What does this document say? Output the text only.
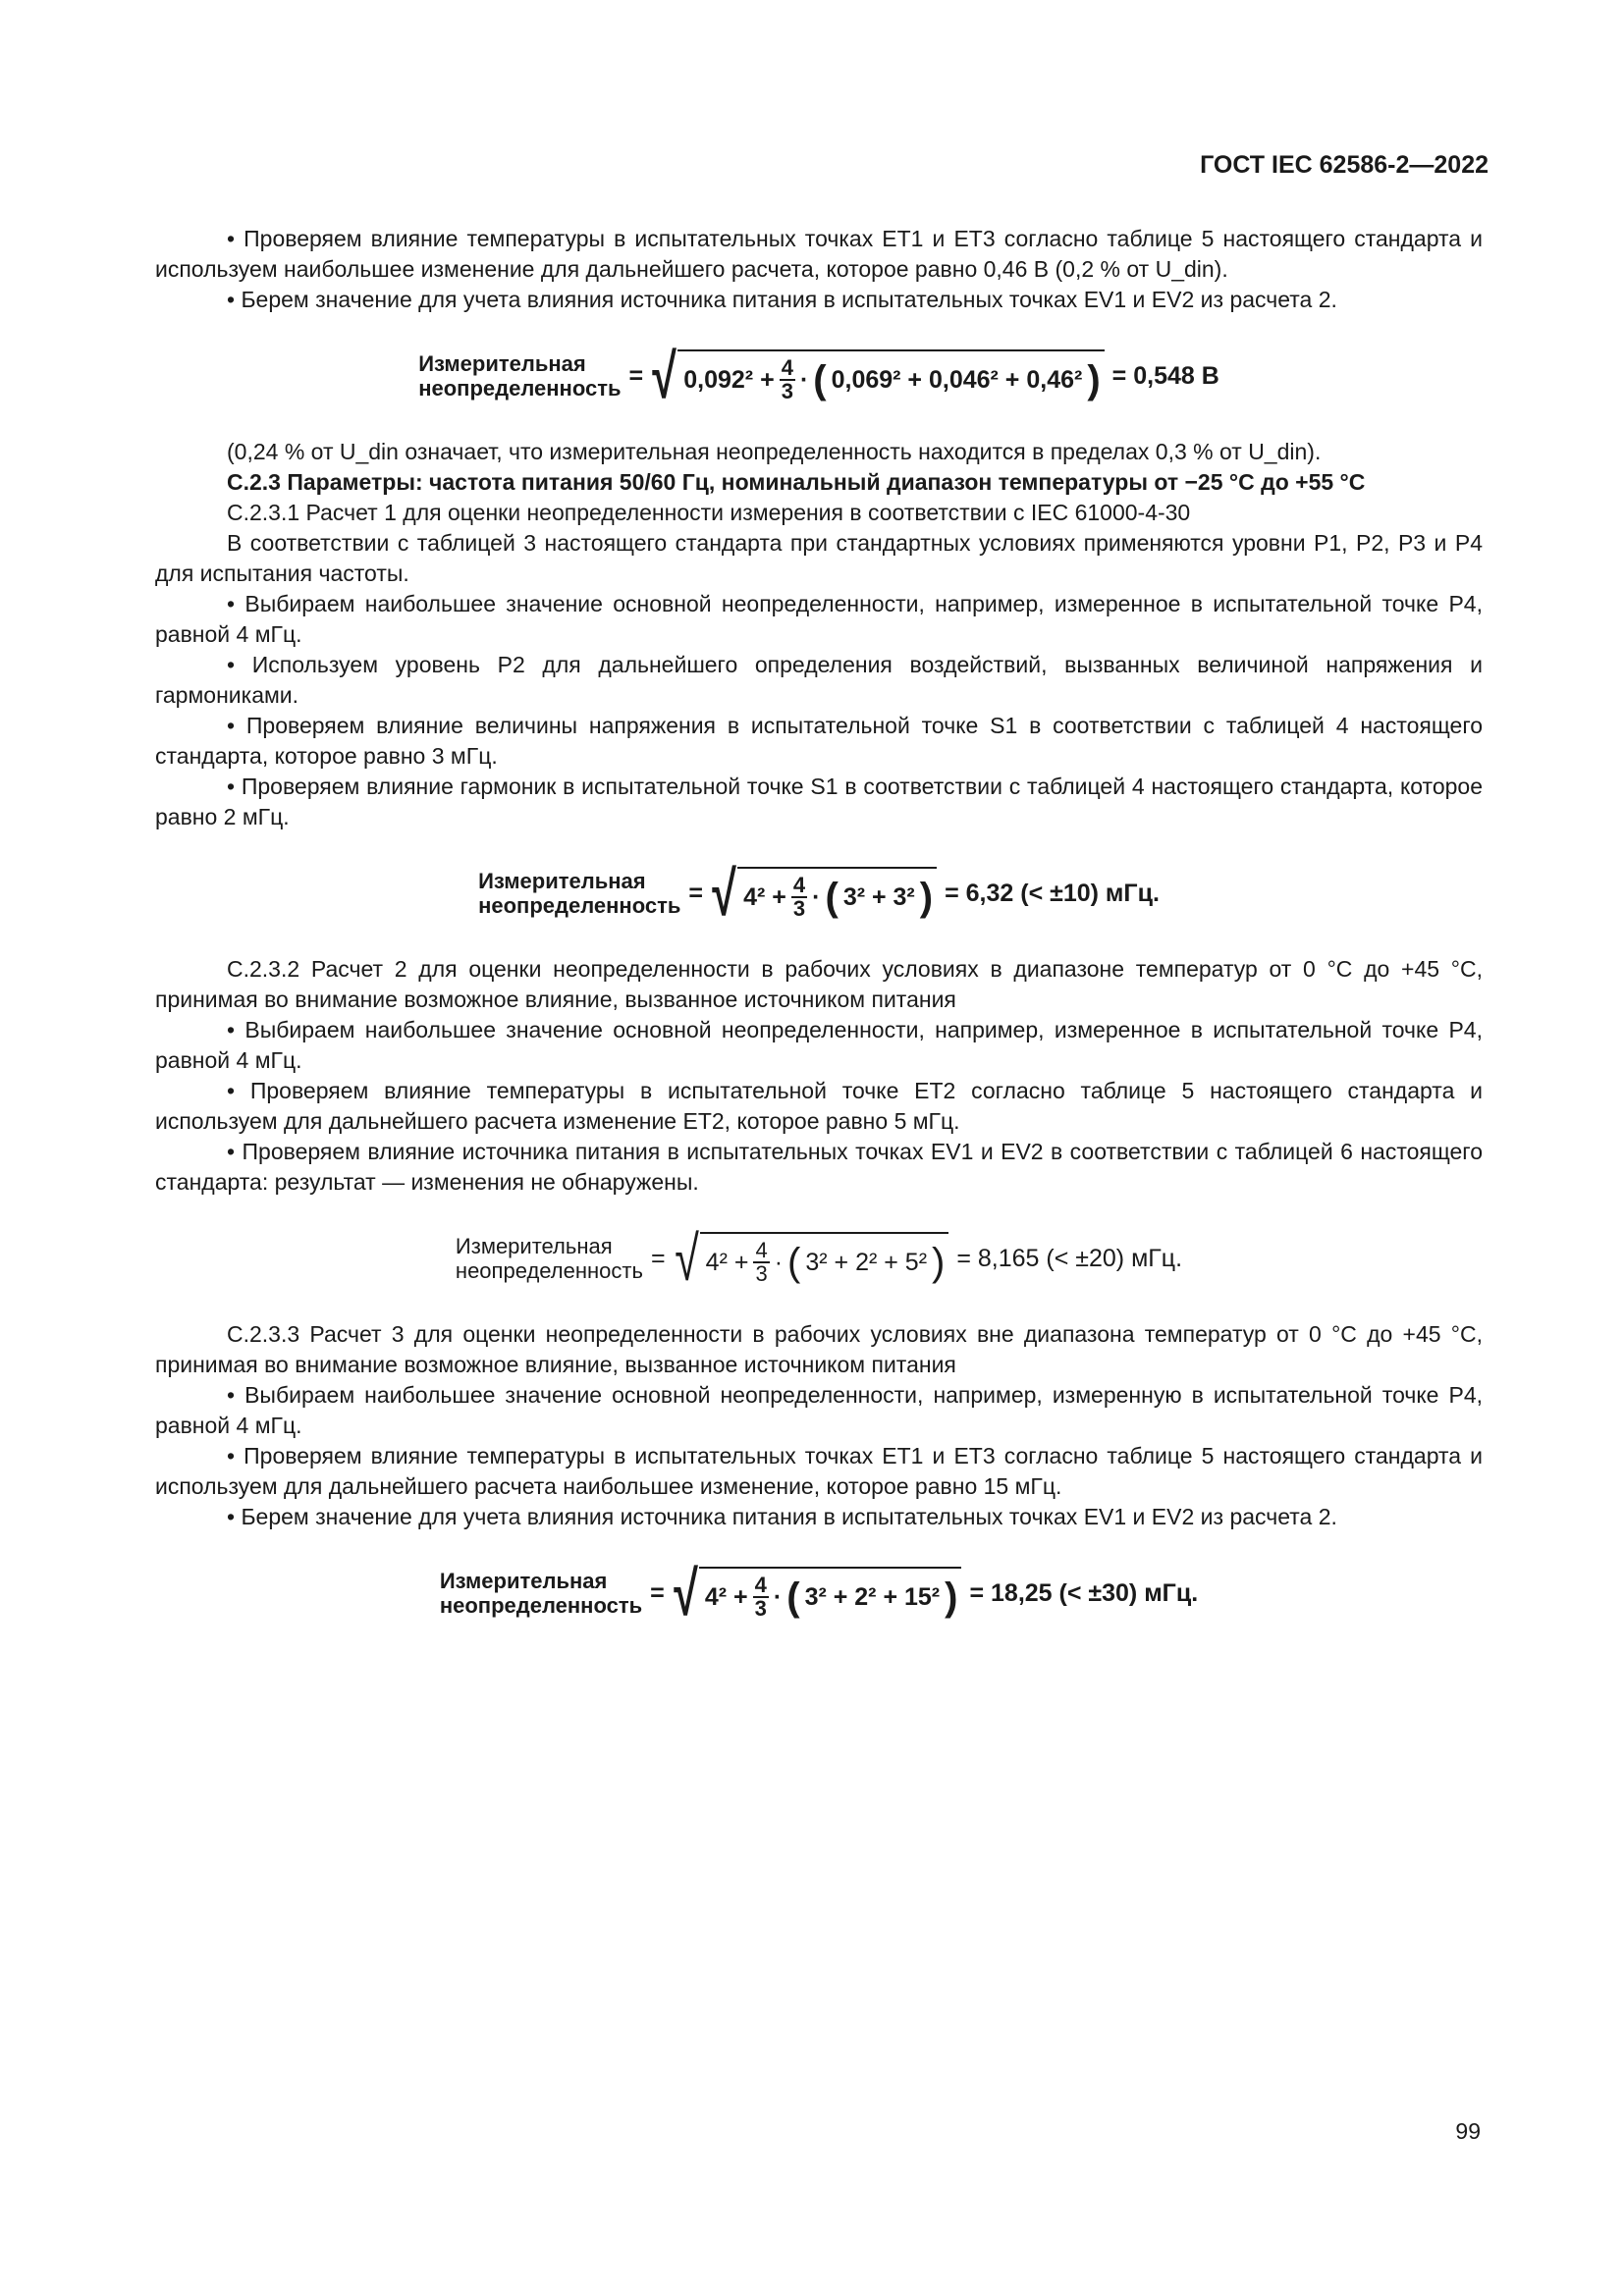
ГОСТ IEC 62586-2—2022

• Проверяем влияние температуры в испытательных точках ET1 и ET3 согласно таблице 5 настоящего стандарта и используем наибольшее изменение для дальнейшего расчета, которое равно 0,46 В (0,2 % от U_din).

• Берем значение для учета влияния источника питания в испытательных точках EV1 и EV2 из расчета 2.

Измерительная
неопределенность = √ $0,092^2 + \frac{4}{3}$ · ( 0,069² + 0,046² + 0,46² ) = 0,548 В

(0,24 % от U_din означает, что измерительная неопределенность находится в пределах 0,3 % от U_din).

С.2.3 Параметры: частота питания 50/60 Гц, номинальный диапазон температуры от −25 °C до +55 °C

С.2.3.1 Расчет 1 для оценки неопределенности измерения в соответствии с IEC 61000-4-30

В соответствии с таблицей 3 настоящего стандарта при стандартных условиях применяются уровни P1, P2, P3 и P4 для испытания частоты.

• Выбираем наибольшее значение основной неопределенности, например, измеренное в испытательной точке P4, равной 4 мГц.

• Используем уровень P2 для дальнейшего определения воздействий, вызванных величиной напряжения и гармониками.

• Проверяем влияние величины напряжения в испытательной точке S1 в соответствии с таблицей 4 настоящего стандарта, которое равно 3 мГц.

• Проверяем влияние гармоник в испытательной точке S1 в соответствии с таблицей 4 настоящего стандарта, которое равно 2 мГц.

Измерительная
неопределенность = √ $4^2 + \frac{4}{3}$ · ( 3² + 3² ) = 6,32 (< ±10) мГц.

С.2.3.2 Расчет 2 для оценки неопределенности в рабочих условиях в диапазоне температур от 0 °C до +45 °C, принимая во внимание возможное влияние, вызванное источником питания

• Выбираем наибольшее значение основной неопределенности, например, измеренное в испытательной точке P4, равной 4 мГц.

• Проверяем влияние температуры в испытательной точке ET2 согласно таблице 5 настоящего стандарта и используем для дальнейшего расчета изменение ET2, которое равно 5 мГц.

• Проверяем влияние источника питания в испытательных точках EV1 и EV2 в соответствии с таблицей 6 настоящего стандарта: результат — изменения не обнаружены.

Измерительная
неопределенность = √ $4^2 + \frac{4}{3}$ · ( 3² + 2² + 5² ) = 8,165 (< ±20) мГц.

С.2.3.3 Расчет 3 для оценки неопределенности в рабочих условиях вне диапазона температур от 0 °C до +45 °C, принимая во внимание возможное влияние, вызванное источником питания

• Выбираем наибольшее значение основной неопределенности, например, измеренную в испытательной точке P4, равной 4 мГц.

• Проверяем влияние температуры в испытательных точках ET1 и ET3 согласно таблице 5 настоящего стандарта и используем для дальнейшего расчета наибольшее изменение, которое равно 15 мГц.

• Берем значение для учета влияния источника питания в испытательных точках EV1 и EV2 из расчета 2.

Измерительная
неопределенность = √ $4^2 + \frac{4}{3}$ · ( 3² + 2² + 15² ) = 18,25 (< ±30) мГц.
99
